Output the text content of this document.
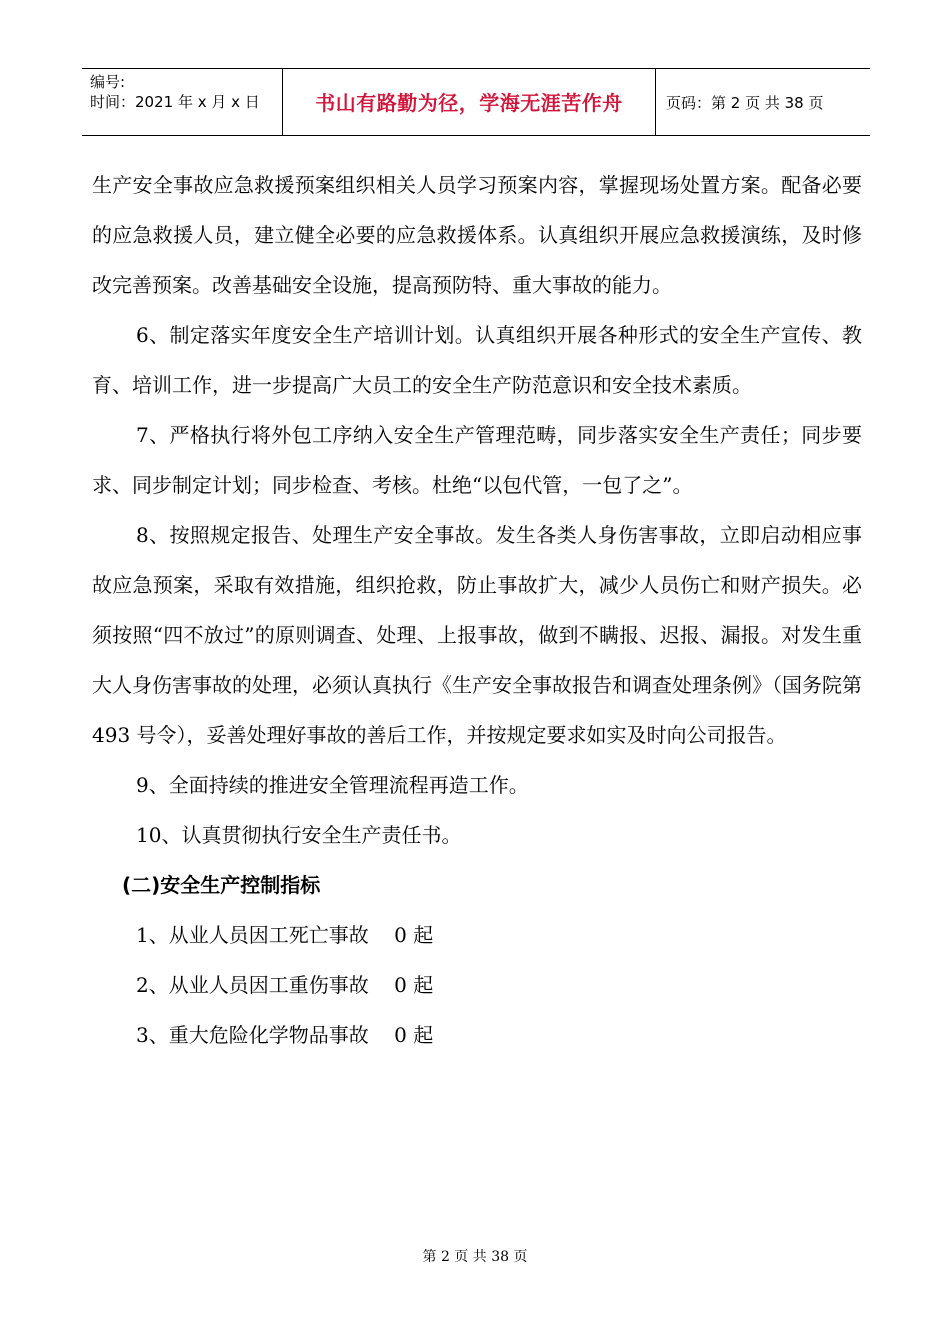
编号:
时间：2021 年 x 月 x 日	书山有路勤为径，学海无涯苦作舟	页码：第 2 页 共 38 页

生产安全事故应急救援预案组织相关人员学习预案内容，掌握现场处置方案。配备必要的应急救援人员，建立健全必要的应急救援体系。认真组织开展应急救援演练，及时修改完善预案。改善基础安全设施，提高预防特、重大事故的能力。

6、制定落实年度安全生产培训计划。认真组织开展各种形式的安全生产宣传、教育、培训工作，进一步提高广大员工的安全生产防范意识和安全技术素质。

7、严格执行将外包工序纳入安全生产管理范畴，同步落实安全生产责任；同步要求、同步制定计划；同步检查、考核。杜绝“以包代管，一包了之”。

8、按照规定报告、处理生产安全事故。发生各类人身伤害事故，立即启动相应事故应急预案，采取有效措施，组织抢救，防止事故扩大，减少人员伤亡和财产损失。必须按照“四不放过”的原则调查、处理、上报事故，做到不瞒报、迟报、漏报。对发生重大人身伤害事故的处理，必须认真执行《生产安全事故报告和调查处理条例》（国务院第 493 号令），妥善处理好事故的善后工作，并按规定要求如实及时向公司报告。

9、全面持续的推进安全管理流程再造工作。

10、认真贯彻执行安全生产责任书。

(二)安全生产控制指标

1、从业人员因工死亡事故    0 起

2、从业人员因工重伤事故    0 起

3、重大危险化学物品事故    0 起

第 2 页 共 38 页
